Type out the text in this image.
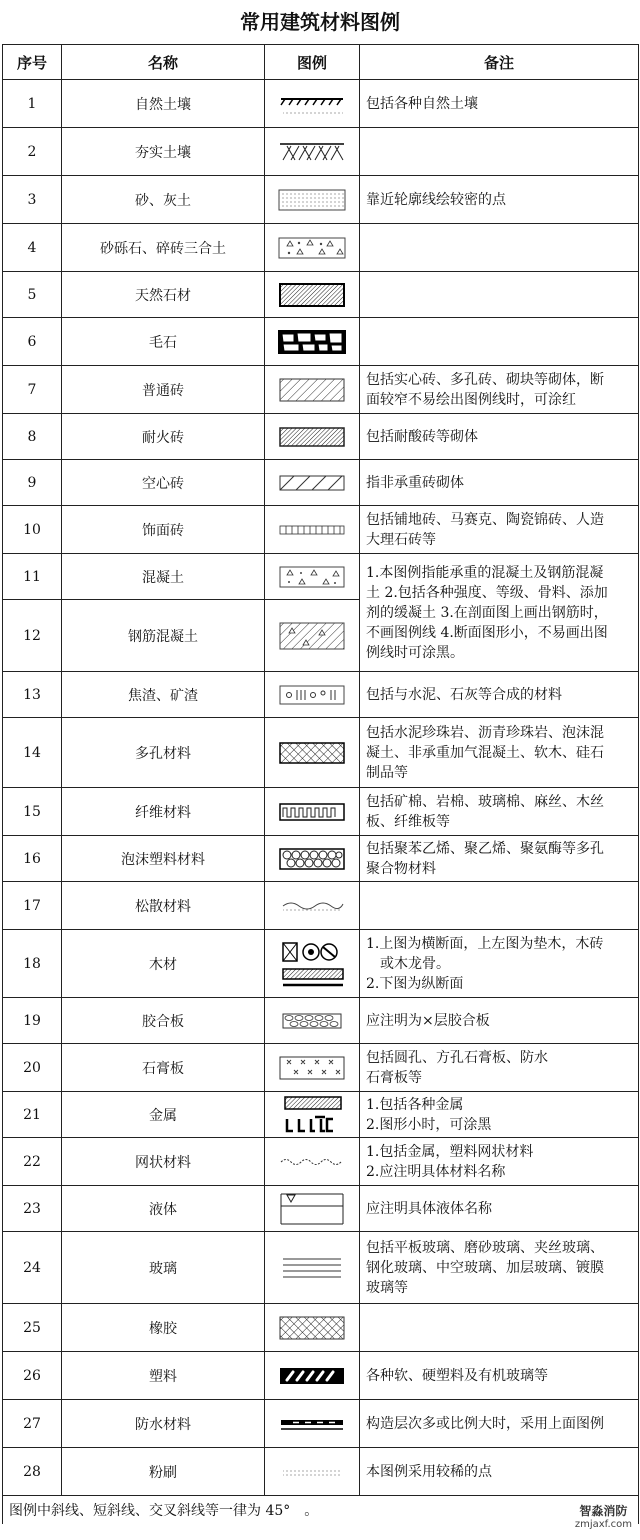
常用建筑材料图例
序号	名称	图例	备注
1	自然土壤		包括各种自然土壤

2	夯实土壤	

3	砂、灰土		靠近轮廓线绘较密的点

4	砂砾石、碎砖三合土	

5	天然石材	

6	毛石	

7	普通砖		包括实心砖、多孔砖、砌块等砌体，断
面较窄不易绘出图例线时，可涂红

8	耐火砖		包括耐酸砖等砌体

9	空心砖		指非承重砖砌体

10	饰面砖		包括铺地砖、马赛克、陶瓷锦砖、人造
大理石砖等

11	混凝土		1.本图例指能承重的混凝土及钢筋混凝
土 2.包括各种强度、等级、骨料、添加
剂的缓凝土 3.在剖面图上画出钢筋时，
不画图例线 4.断面图形小，不易画出图
例线时可涂黑。

12	钢筋混凝土	

13	焦渣、矿渣		包括与水泥、石灰等合成的材料

14	多孔材料		包括水泥珍珠岩、沥青珍珠岩、泡沫混
凝土、非承重加气混凝土、软木、硅石
制品等

15	纤维材料		包括矿棉、岩棉、玻璃棉、麻丝、木丝
板、纤维板等

16	泡沫塑料材料		包括聚苯乙烯、聚乙烯、聚氨酶等多孔
聚合物材料

17	松散材料	

18	木材		1.上图为横断面，上左图为垫木，木砖
或木龙骨。
2.下图为纵断面

19	胶合板		应注明为×层胶合板

20	石膏板		包括圆孔、方孔石膏板、防水
石膏板等

21	金属		1.包括各种金属
2.图形小时，可涂黑

22	网状材料		1.包括金属，塑料网状材料
2.应注明具体材料名称

23	液体		应注明具体液体名称

24	玻璃		包括平板玻璃、磨砂玻璃、夹丝玻璃、
钢化玻璃、中空玻璃、加层玻璃、镀膜
玻璃等

25	橡胶	

26	塑料		各种软、硬塑料及有机玻璃等

27	防水材料		构造层次多或比例大时，采用上面图例

28	粉刷		本图例采用较稀的点

图例中斜线、短斜线、交叉斜线等一律为 45°　。				智淼消防
zmjaxf.com
